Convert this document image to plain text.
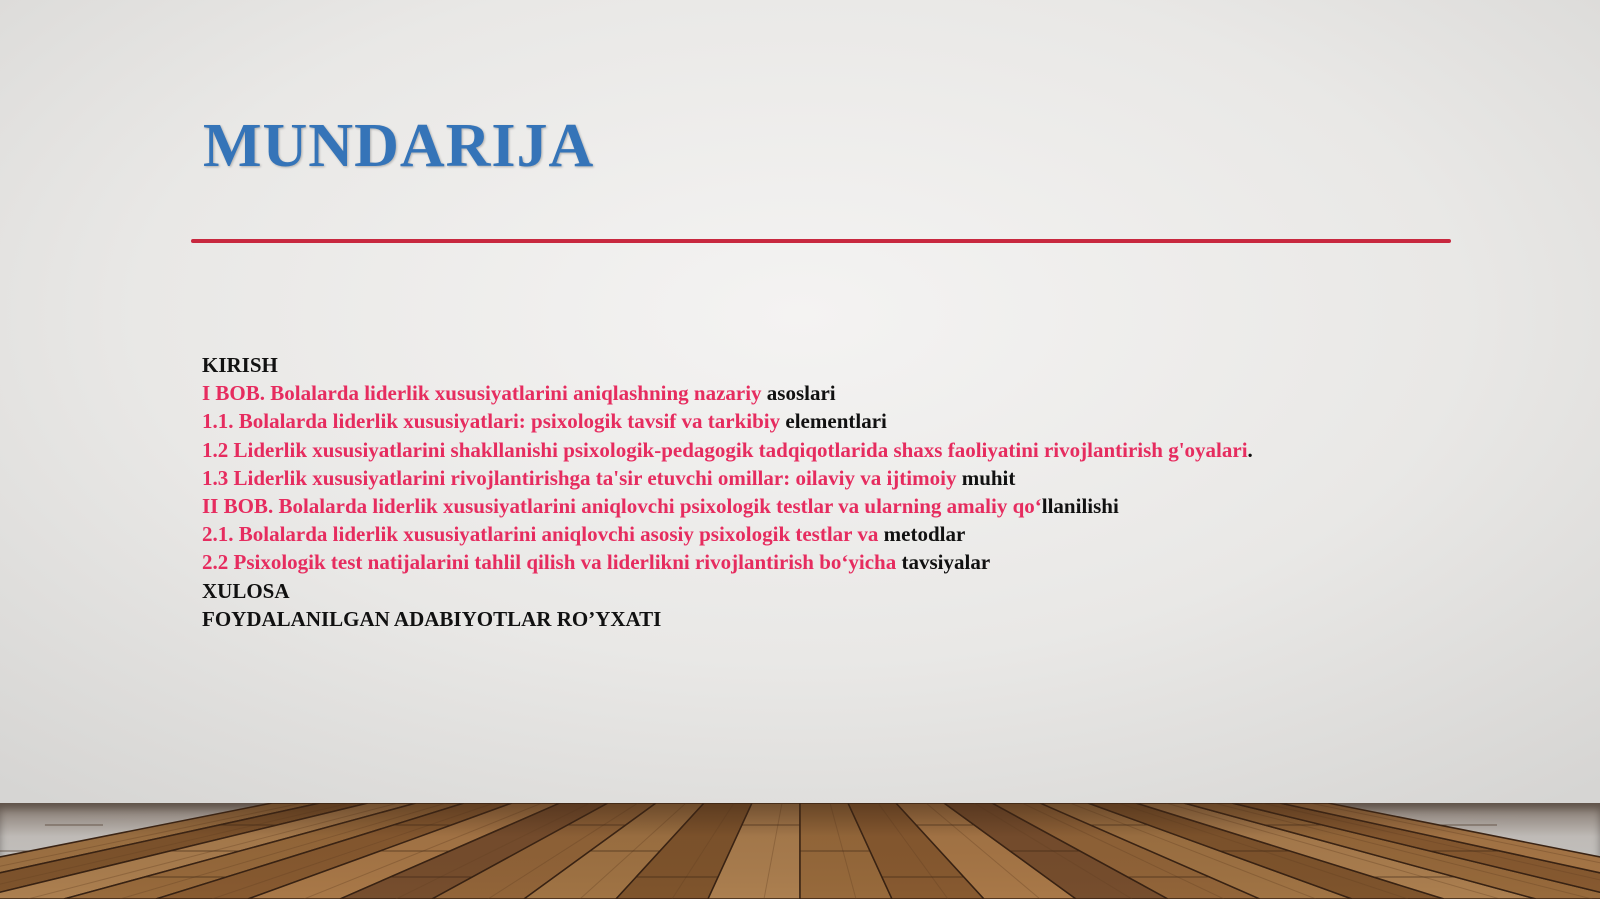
MUNDARIJA
KIRISH
I BOB. Bolalarda liderlik xususiyatlarini aniqlashning nazariy asoslari
1.1. Bolalarda liderlik xususiyatlari: psixologik tavsif va tarkibiy elementlari
1.2 Liderlik xususiyatlarini shakllanishi psixologik-pedagogik tadqiqotlarida shaxs faoliyatini rivojlantirish g'oyalari.
1.3 Liderlik xususiyatlarini rivojlantirishga ta'sir etuvchi omillar: oilaviy va ijtimoiy muhit
II BOB. Bolalarda liderlik xususiyatlarini aniqlovchi psixologik testlar va ularning amaliy qo‘llanilishi
2.1. Bolalarda liderlik xususiyatlarini aniqlovchi asosiy psixologik testlar va metodlar
2.2 Psixologik test natijalarini tahlil qilish va liderlikni rivojlantirish bo‘yicha tavsiyalar
XULOSA
FOYDALANILGAN ADABIYOTLAR RO’YXATI
